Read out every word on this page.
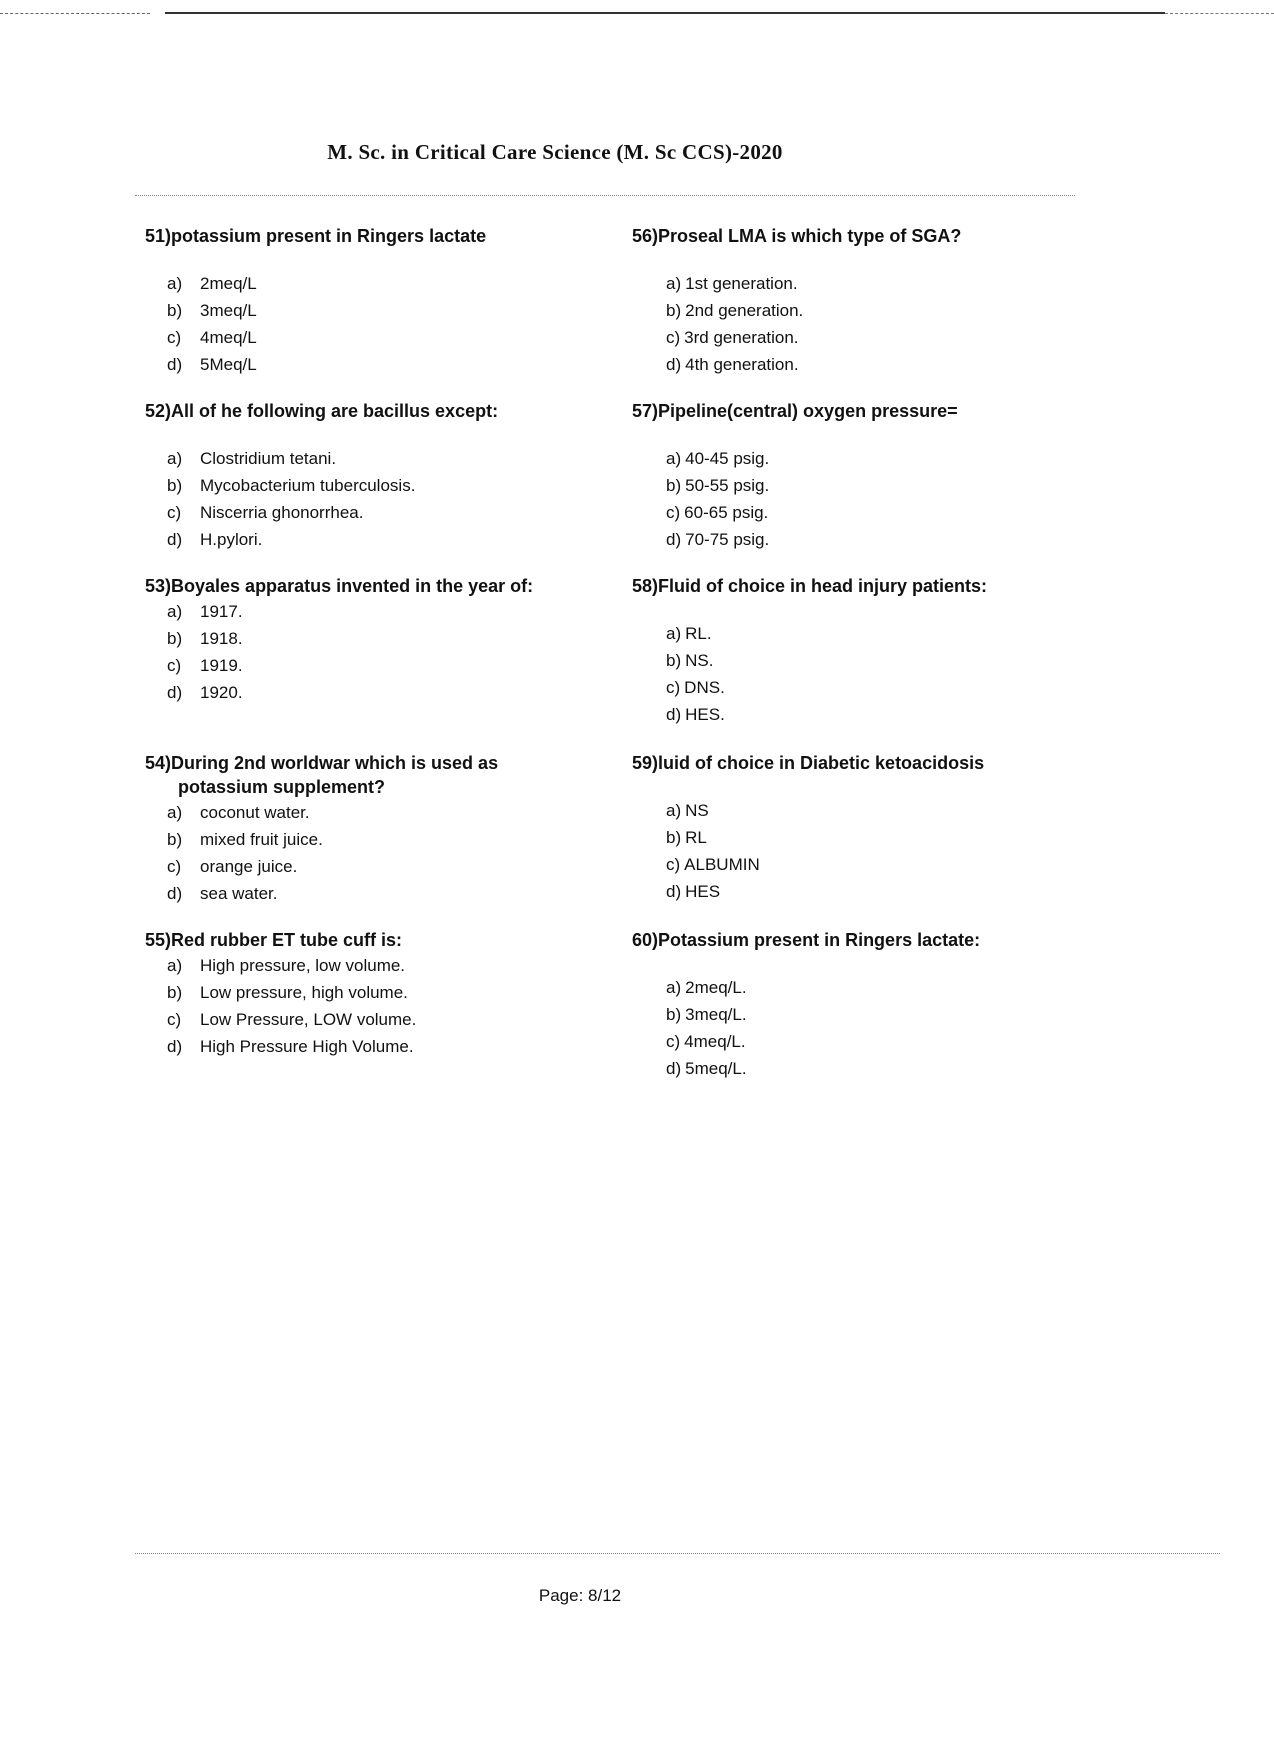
M. Sc. in Critical Care Science (M. Sc CCS)-2020

51)potassium present in Ringers lactate

a) 2meq/L
b) 3meq/L
c) 4meq/L
d) 5Meq/L

52)All of he following are bacillus except:

a) Clostridium tetani.
b) Mycobacterium tuberculosis.
c) Niscerria ghonorrhea.
d) H.pylori.

53)Boyales apparatus invented in the year of:

a) 1917.
b) 1918.
c) 1919.
d) 1920.

54)During 2nd worldwar which is used as potassium supplement?

a) coconut water.
b) mixed fruit juice.
c) orange juice.
d) sea water.

55)Red rubber ET tube cuff is:

a) High pressure, low volume.
b) Low pressure, high volume.
c) Low Pressure, LOW volume.
d) High Pressure High Volume.

56)Proseal LMA is which type of SGA?

a) 1st generation.
b) 2nd generation.
c) 3rd generation.
d) 4th generation.

57)Pipeline(central) oxygen pressure=

a) 40-45 psig.
b) 50-55 psig.
c) 60-65 psig.
d) 70-75 psig.

58)Fluid of choice in head injury patients:

a) RL.
b) NS.
c) DNS.
d) HES.

59)luid of choice in Diabetic ketoacidosis

a) NS
b) RL
c) ALBUMIN
d) HES

60)Potassium present in Ringers lactate:

a) 2meq/L.
b) 3meq/L.
c) 4meq/L.
d) 5meq/L.
Page: 8/12
